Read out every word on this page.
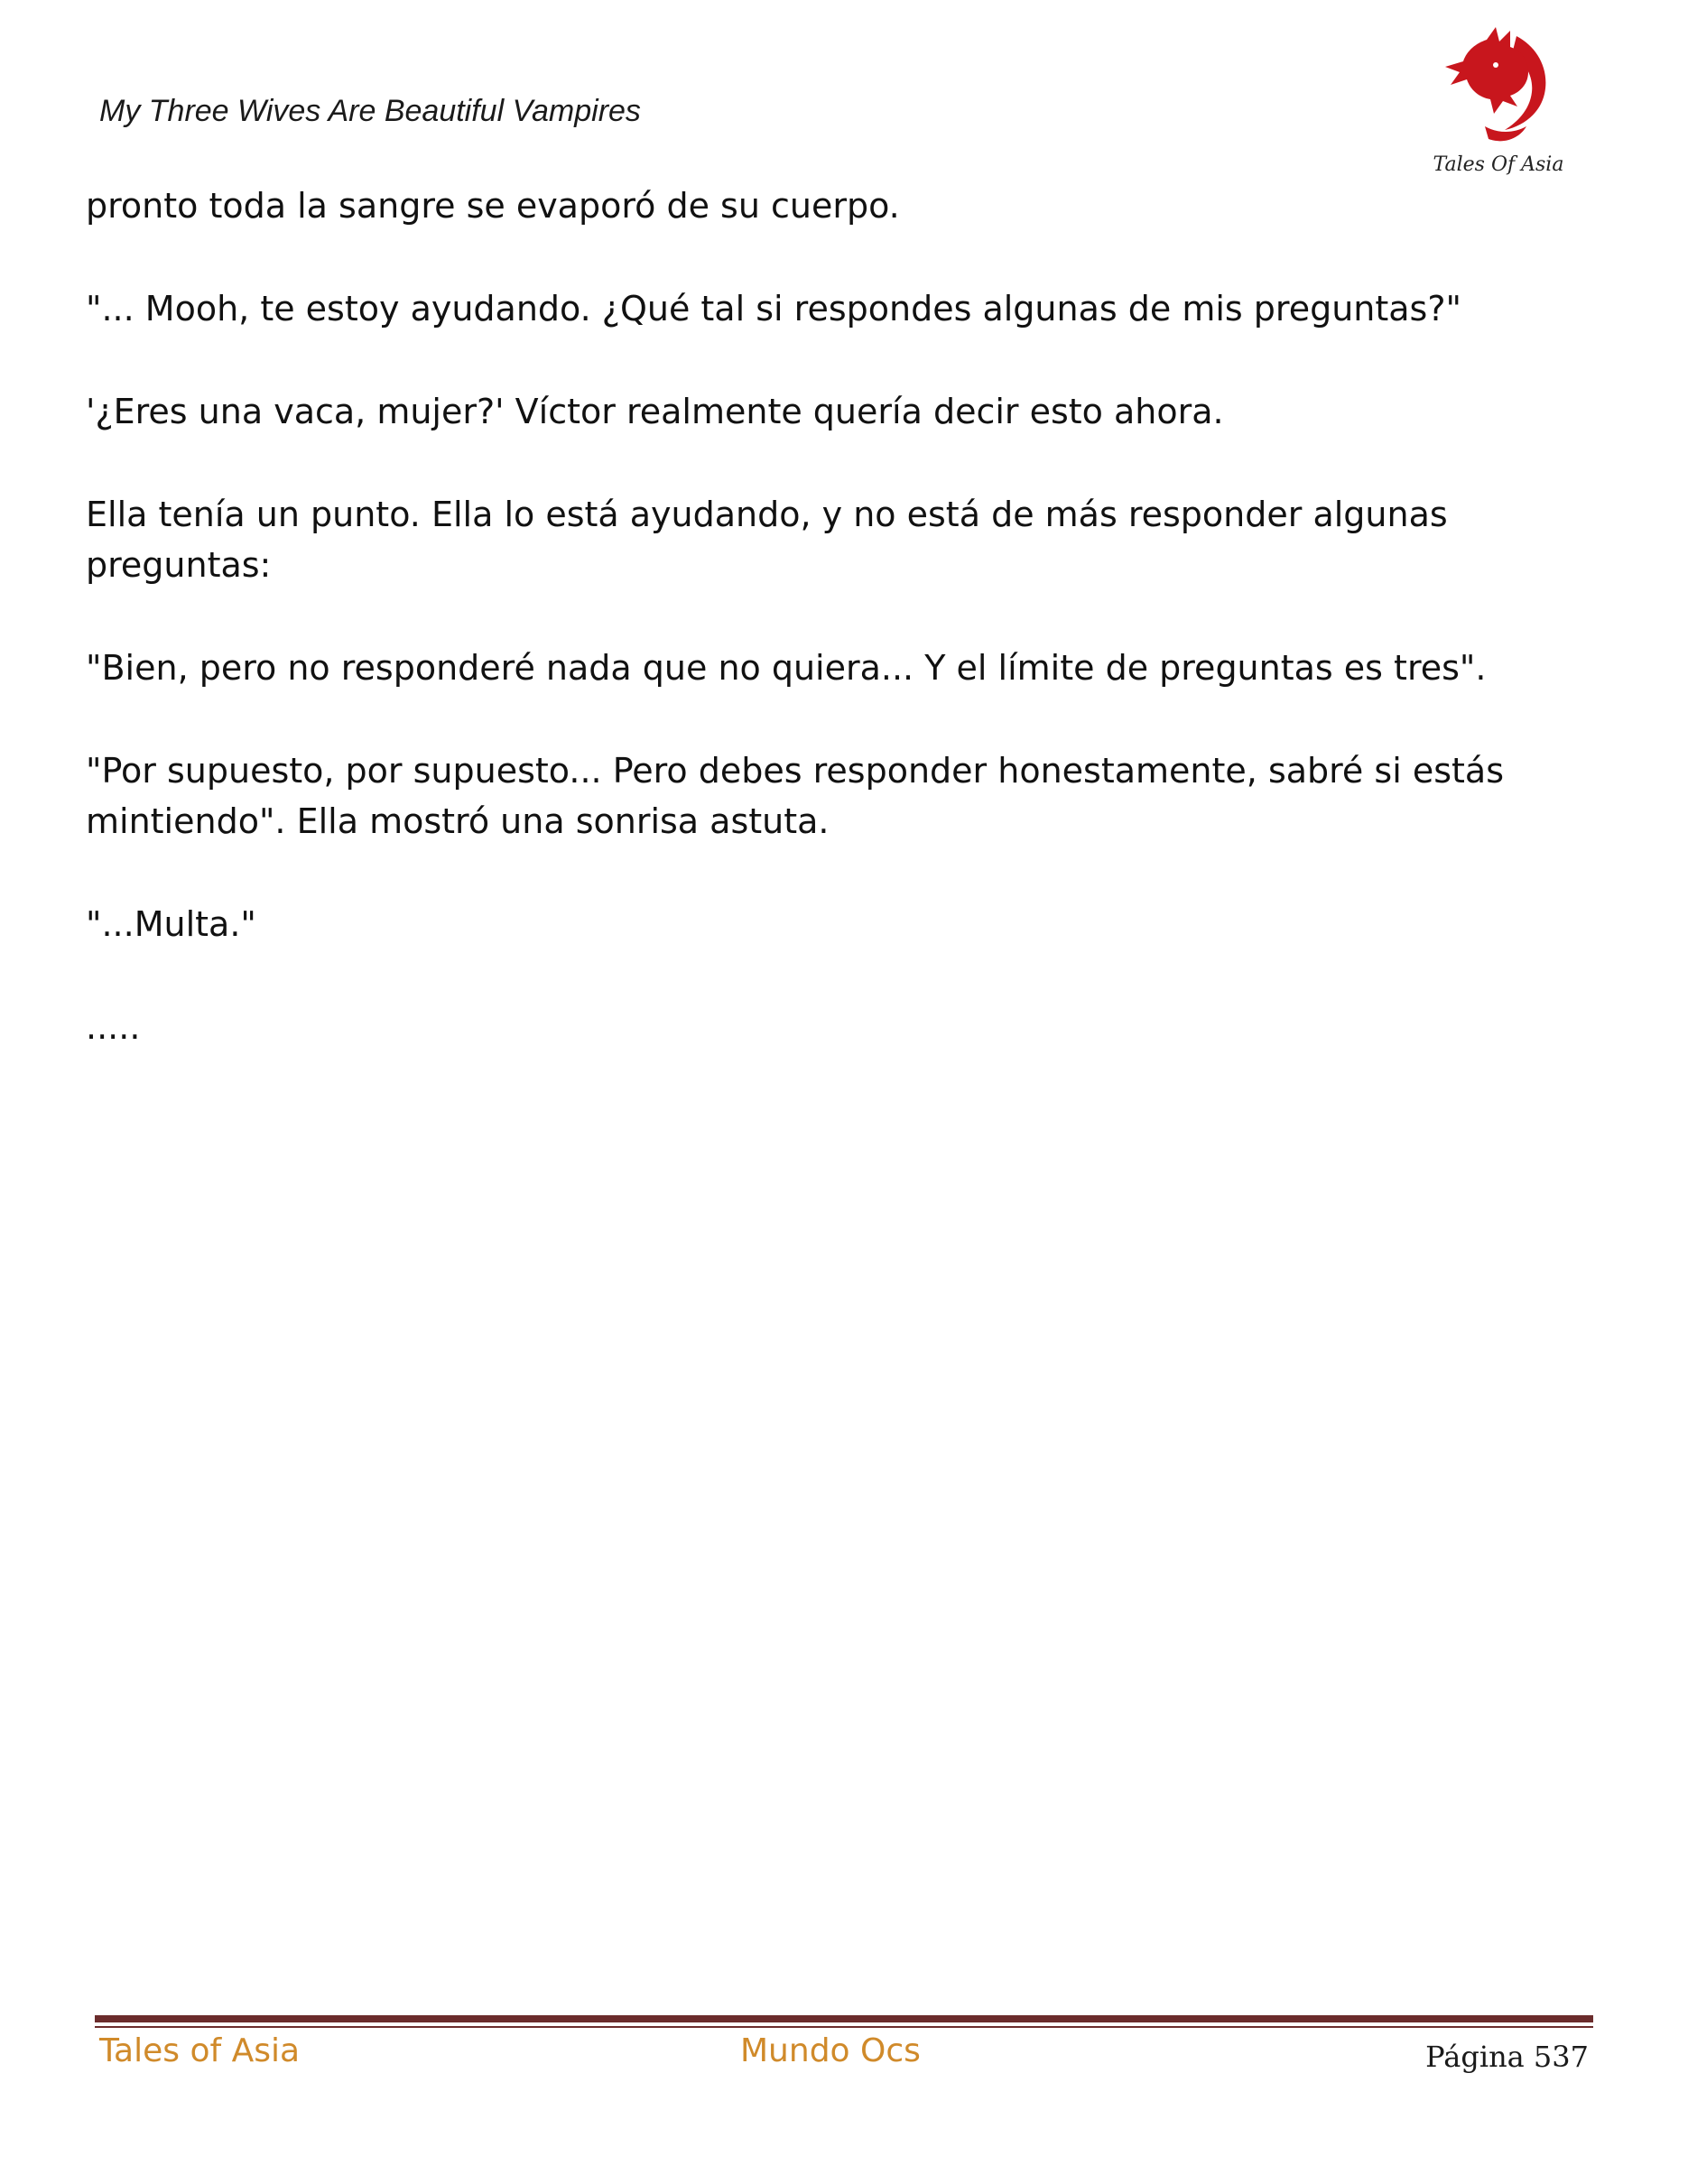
My Three Wives Are Beautiful Vampires
Tales Of Asia

pronto toda la sangre se evaporó de su cuerpo.

"... Mooh, te estoy ayudando. ¿Qué tal si respondes algunas de mis preguntas?"

'¿Eres una vaca, mujer?' Víctor realmente quería decir esto ahora.

Ella tenía un punto. Ella lo está ayudando, y no está de más responder algunas preguntas:

"Bien, pero no responderé nada que no quiera... Y el límite de preguntas es tres".

"Por supuesto, por supuesto... Pero debes responder honestamente, sabré si estás mintiendo". Ella mostró una sonrisa astuta.

"...Multa."

.....

Tales of Asia	Mundo Ocs	Página 537
